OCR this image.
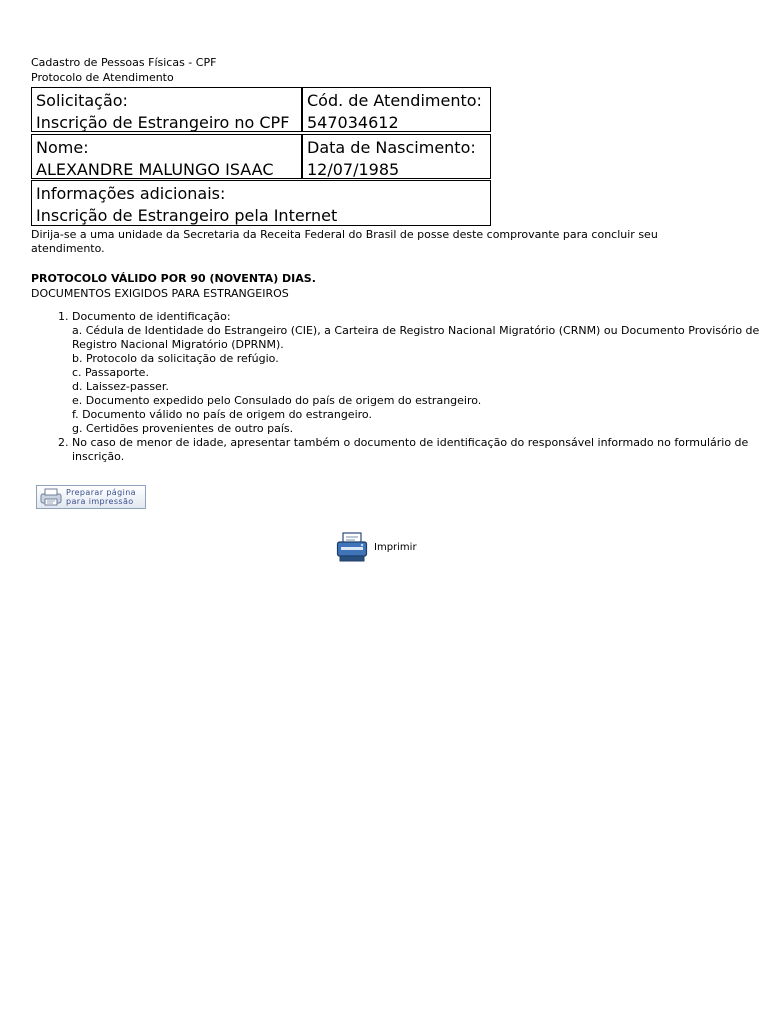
Cadastro de Pessoas Físicas - CPF
Protocolo de Atendimento
Solicitação:
Inscrição de Estrangeiro no CPF
Cód. de Atendimento:
547034612
Nome:
ALEXANDRE MALUNGO ISAAC
Data de Nascimento:
12/07/1985
Informações adicionais:
Inscrição de Estrangeiro pela Internet
Dirija-se a uma unidade da Secretaria da Receita Federal do Brasil de posse deste comprovante para concluir seu atendimento.
PROTOCOLO VÁLIDO POR 90 (NOVENTA) DIAS.
DOCUMENTOS EXIGIDOS PARA ESTRANGEIROS
1. Documento de identificação:
a. Cédula de Identidade do Estrangeiro (CIE), a Carteira de Registro Nacional Migratório (CRNM) ou Documento Provisório de Registro Nacional Migratório (DPRNM).
b. Protocolo da solicitação de refúgio.
c. Passaporte.
d. Laissez-passer.
e. Documento expedido pelo Consulado do país de origem do estrangeiro.
f. Documento válido no país de origem do estrangeiro.
g. Certidões provenientes de outro país.
2. No caso de menor de idade, apresentar também o documento de identificação do responsável informado no formulário de inscrição.
Preparar página
para impressão
Imprimir
